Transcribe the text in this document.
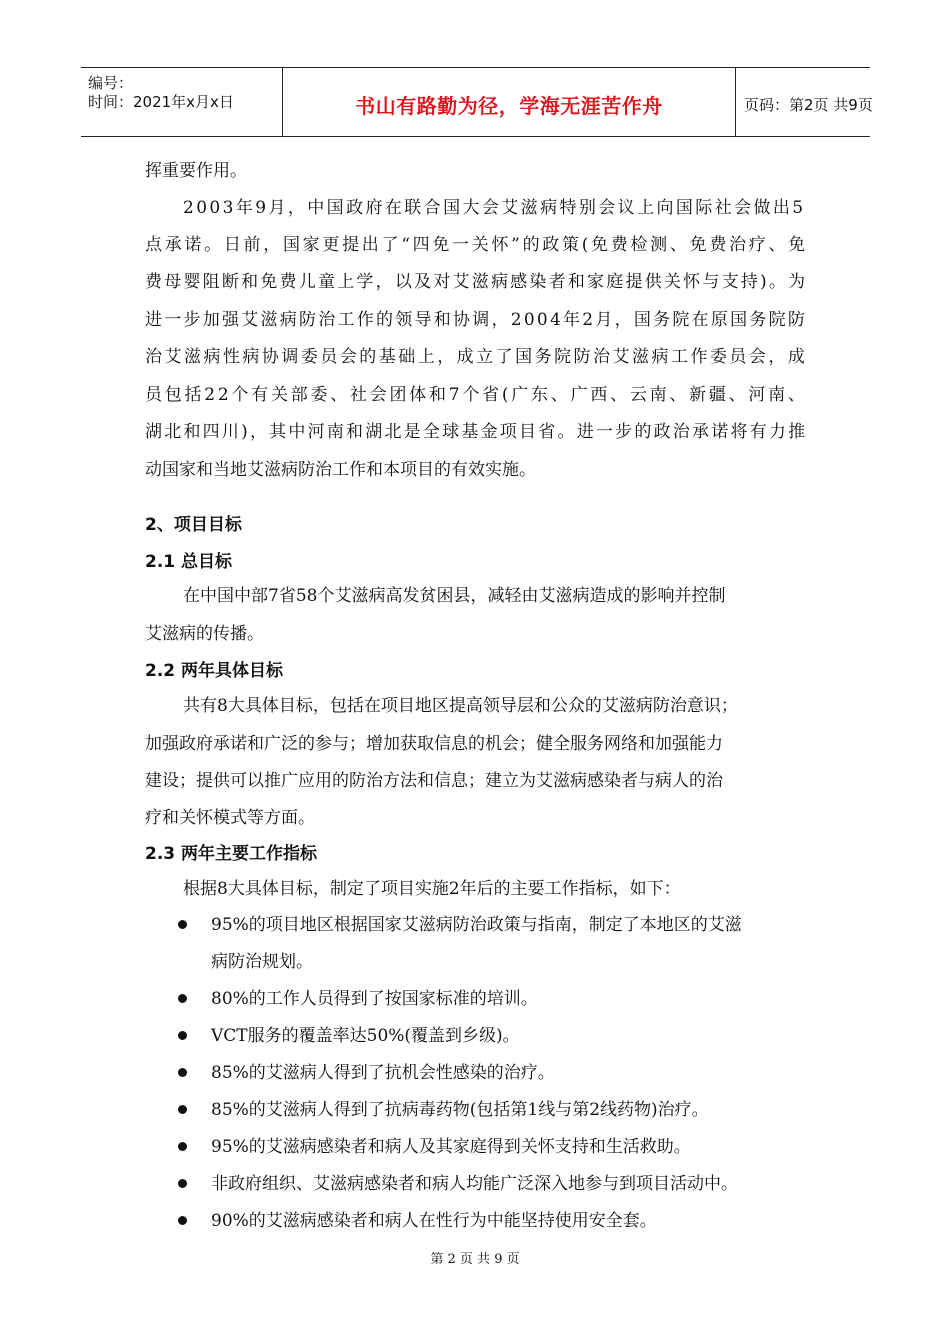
编号：
时间：2021年x月x日	书山有路勤为径，学海无涯苦作舟	页码：第2页 共9页
挥重要作用。
2003年9月，中国政府在联合国大会艾滋病特别会议上向国际社会做出5
点承诺。日前，国家更提出了“四免一关怀”的政策(免费检测、免费治疗、免
费母婴阻断和免费儿童上学，以及对艾滋病感染者和家庭提供关怀与支持)。为
进一步加强艾滋病防治工作的领导和协调，2004年2月，国务院在原国务院防
治艾滋病性病协调委员会的基础上，成立了国务院防治艾滋病工作委员会，成
员包括22个有关部委、社会团体和7个省(广东、广西、云南、新疆、河南、
湖北和四川)，其中河南和湖北是全球基金项目省。进一步的政治承诺将有力推
动国家和当地艾滋病防治工作和本项目的有效实施。
2、项目目标
2.1 总目标
在中国中部7省58个艾滋病高发贫困县，减轻由艾滋病造成的影响并控制
艾滋病的传播。
2.2 两年具体目标
共有8大具体目标，包括在项目地区提高领导层和公众的艾滋病防治意识；
加强政府承诺和广泛的参与；增加获取信息的机会；健全服务网络和加强能力
建设；提供可以推广应用的防治方法和信息；建立为艾滋病感染者与病人的治
疗和关怀模式等方面。
2.3 两年主要工作指标
根据8大具体目标，制定了项目实施2年后的主要工作指标，如下：
95%的项目地区根据国家艾滋病防治政策与指南，制定了本地区的艾滋
病防治规划。
80%的工作人员得到了按国家标准的培训。
VCT服务的覆盖率达50%(覆盖到乡级)。
85%的艾滋病人得到了抗机会性感染的治疗。
85%的艾滋病人得到了抗病毒药物(包括第1线与第2线药物)治疗。
95%的艾滋病感染者和病人及其家庭得到关怀支持和生活救助。
非政府组织、艾滋病感染者和病人均能广泛深入地参与到项目活动中。
90%的艾滋病感染者和病人在性行为中能坚持使用安全套。
第 2 页 共 9 页
